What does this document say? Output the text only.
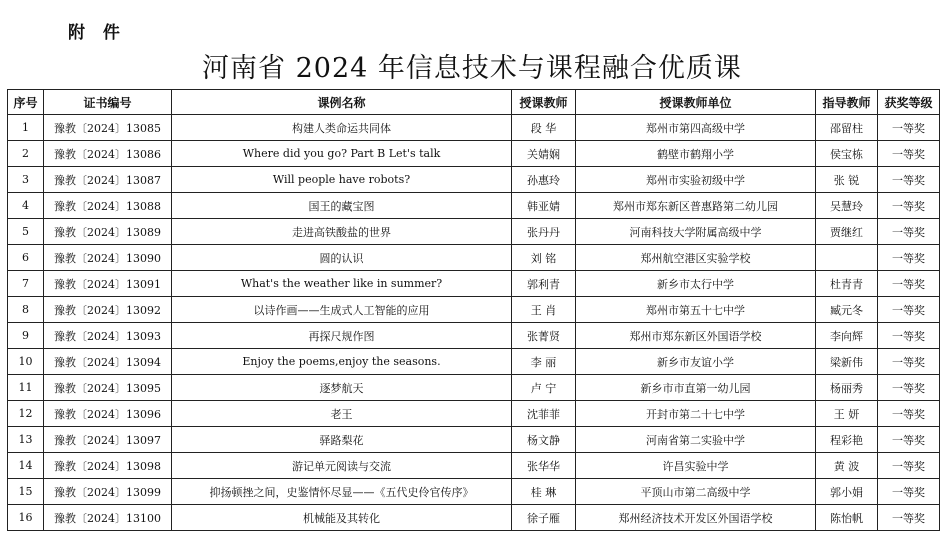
附 件
河南省 2024 年信息技术与课程融合优质课
序号	证书编号	课例名称	授课教师	授课教师单位	指导教师	获奖等级
1	豫教〔2024〕13085	构建人类命运共同体	段 华	郑州市第四高级中学	邵留柱	一等奖
2	豫教〔2024〕13086	Where did you go? Part B Let's talk	关婧娴	鹤壁市鹤翔小学	侯宝栋	一等奖
3	豫教〔2024〕13087	Will people have robots?	孙惠玲	郑州市实验初级中学	张 锐	一等奖
4	豫教〔2024〕13088	国王的藏宝图	韩亚婧	郑州市郑东新区普惠路第二幼儿园	吴慧玲	一等奖
5	豫教〔2024〕13089	走进高铁酸盐的世界	张丹丹	河南科技大学附属高级中学	贾继红	一等奖
6	豫教〔2024〕13090	圆的认识	刘 铭	郑州航空港区实验学校		一等奖
7	豫教〔2024〕13091	What's the weather like in summer?	郭利青	新乡市太行中学	杜青青	一等奖
8	豫教〔2024〕13092	以诗作画——生成式人工智能的应用	王 肖	郑州市第五十七中学	臧元冬	一等奖
9	豫教〔2024〕13093	再探尺规作图	张菁贤	郑州市郑东新区外国语学校	李向辉	一等奖
10	豫教〔2024〕13094	Enjoy the poems,enjoy the seasons.	李 丽	新乡市友谊小学	梁新伟	一等奖
11	豫教〔2024〕13095	逐梦航天	卢 宁	新乡市市直第一幼儿园	杨丽秀	一等奖
12	豫教〔2024〕13096	老王	沈菲菲	开封市第二十七中学	王 妍	一等奖
13	豫教〔2024〕13097	驿路梨花	杨文静	河南省第二实验中学	程彩艳	一等奖
14	豫教〔2024〕13098	游记单元阅读与交流	张华华	许昌实验中学	黄 波	一等奖
15	豫教〔2024〕13099	抑扬顿挫之间，史鉴情怀尽显——《五代史伶官传序》	桂 琳	平顶山市第二高级中学	郭小娟	一等奖
16	豫教〔2024〕13100	机械能及其转化	徐子雁	郑州经济技术开发区外国语学校	陈怡帆	一等奖
